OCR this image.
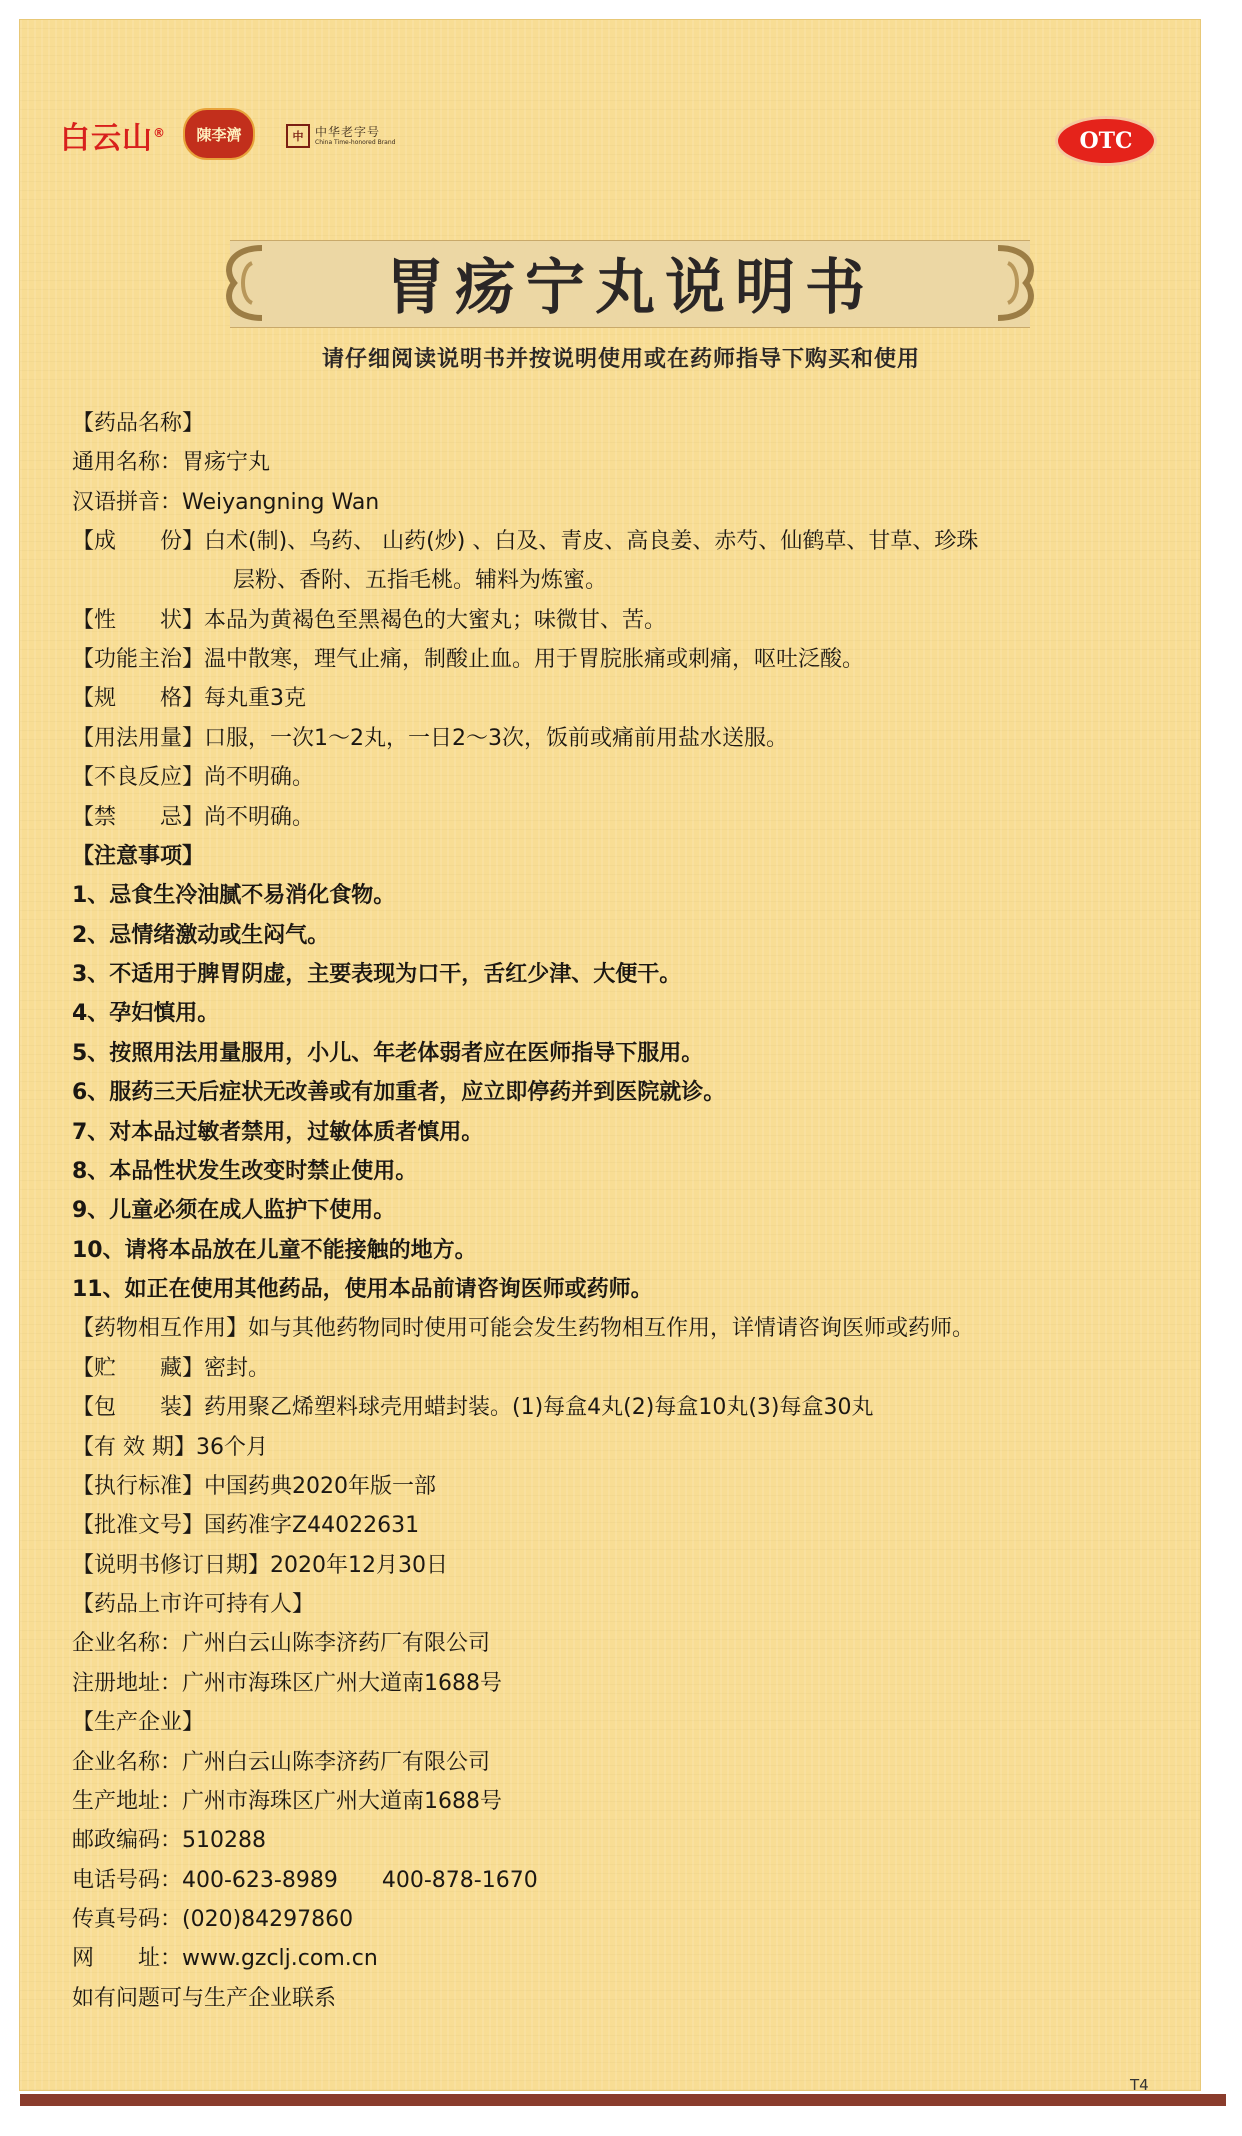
白云山® 陳李濟	中 中华老字号
China Time-honored Brand	OTC
胃疡宁丸说明书
请仔细阅读说明书并按说明使用或在药师指导下购买和使用
【药品名称】
通用名称：胃疡宁丸
汉语拼音：Weiyangning Wan
【成　　份】白术(制)、乌药、 山药(炒) 、白及、青皮、高良姜、赤芍、仙鹤草、甘草、珍珠
层粉、香附、五指毛桃。辅料为炼蜜。
【性　　状】本品为黄褐色至黑褐色的大蜜丸；味微甘、苦。
【功能主治】温中散寒，理气止痛，制酸止血。用于胃脘胀痛或刺痛，呕吐泛酸。
【规　　格】每丸重3克
【用法用量】口服，一次1～2丸，一日2～3次，饭前或痛前用盐水送服。
【不良反应】尚不明确。
【禁　　忌】尚不明确。
【注意事项】
1、忌食生冷油腻不易消化食物。
2、忌情绪激动或生闷气。
3、不适用于脾胃阴虚，主要表现为口干，舌红少津、大便干。
4、孕妇慎用。
5、按照用法用量服用，小儿、年老体弱者应在医师指导下服用。
6、服药三天后症状无改善或有加重者，应立即停药并到医院就诊。
7、对本品过敏者禁用，过敏体质者慎用。
8、本品性状发生改变时禁止使用。
9、儿童必须在成人监护下使用。
10、请将本品放在儿童不能接触的地方。
11、如正在使用其他药品，使用本品前请咨询医师或药师。
【药物相互作用】如与其他药物同时使用可能会发生药物相互作用，详情请咨询医师或药师。
【贮　　藏】密封。
【包　　装】药用聚乙烯塑料球壳用蜡封装。(1)每盒4丸(2)每盒10丸(3)每盒30丸
【有 效 期】36个月
【执行标准】中国药典2020年版一部
【批准文号】国药准字Z44022631
【说明书修订日期】2020年12月30日
【药品上市许可持有人】
企业名称：广州白云山陈李济药厂有限公司
注册地址：广州市海珠区广州大道南1688号
【生产企业】
企业名称：广州白云山陈李济药厂有限公司
生产地址：广州市海珠区广州大道南1688号
邮政编码：510288
电话号码：400-623-8989　　400-878-1670
传真号码：(020)84297860
网　　址：www.gzclj.com.cn
如有问题可与生产企业联系
T4
